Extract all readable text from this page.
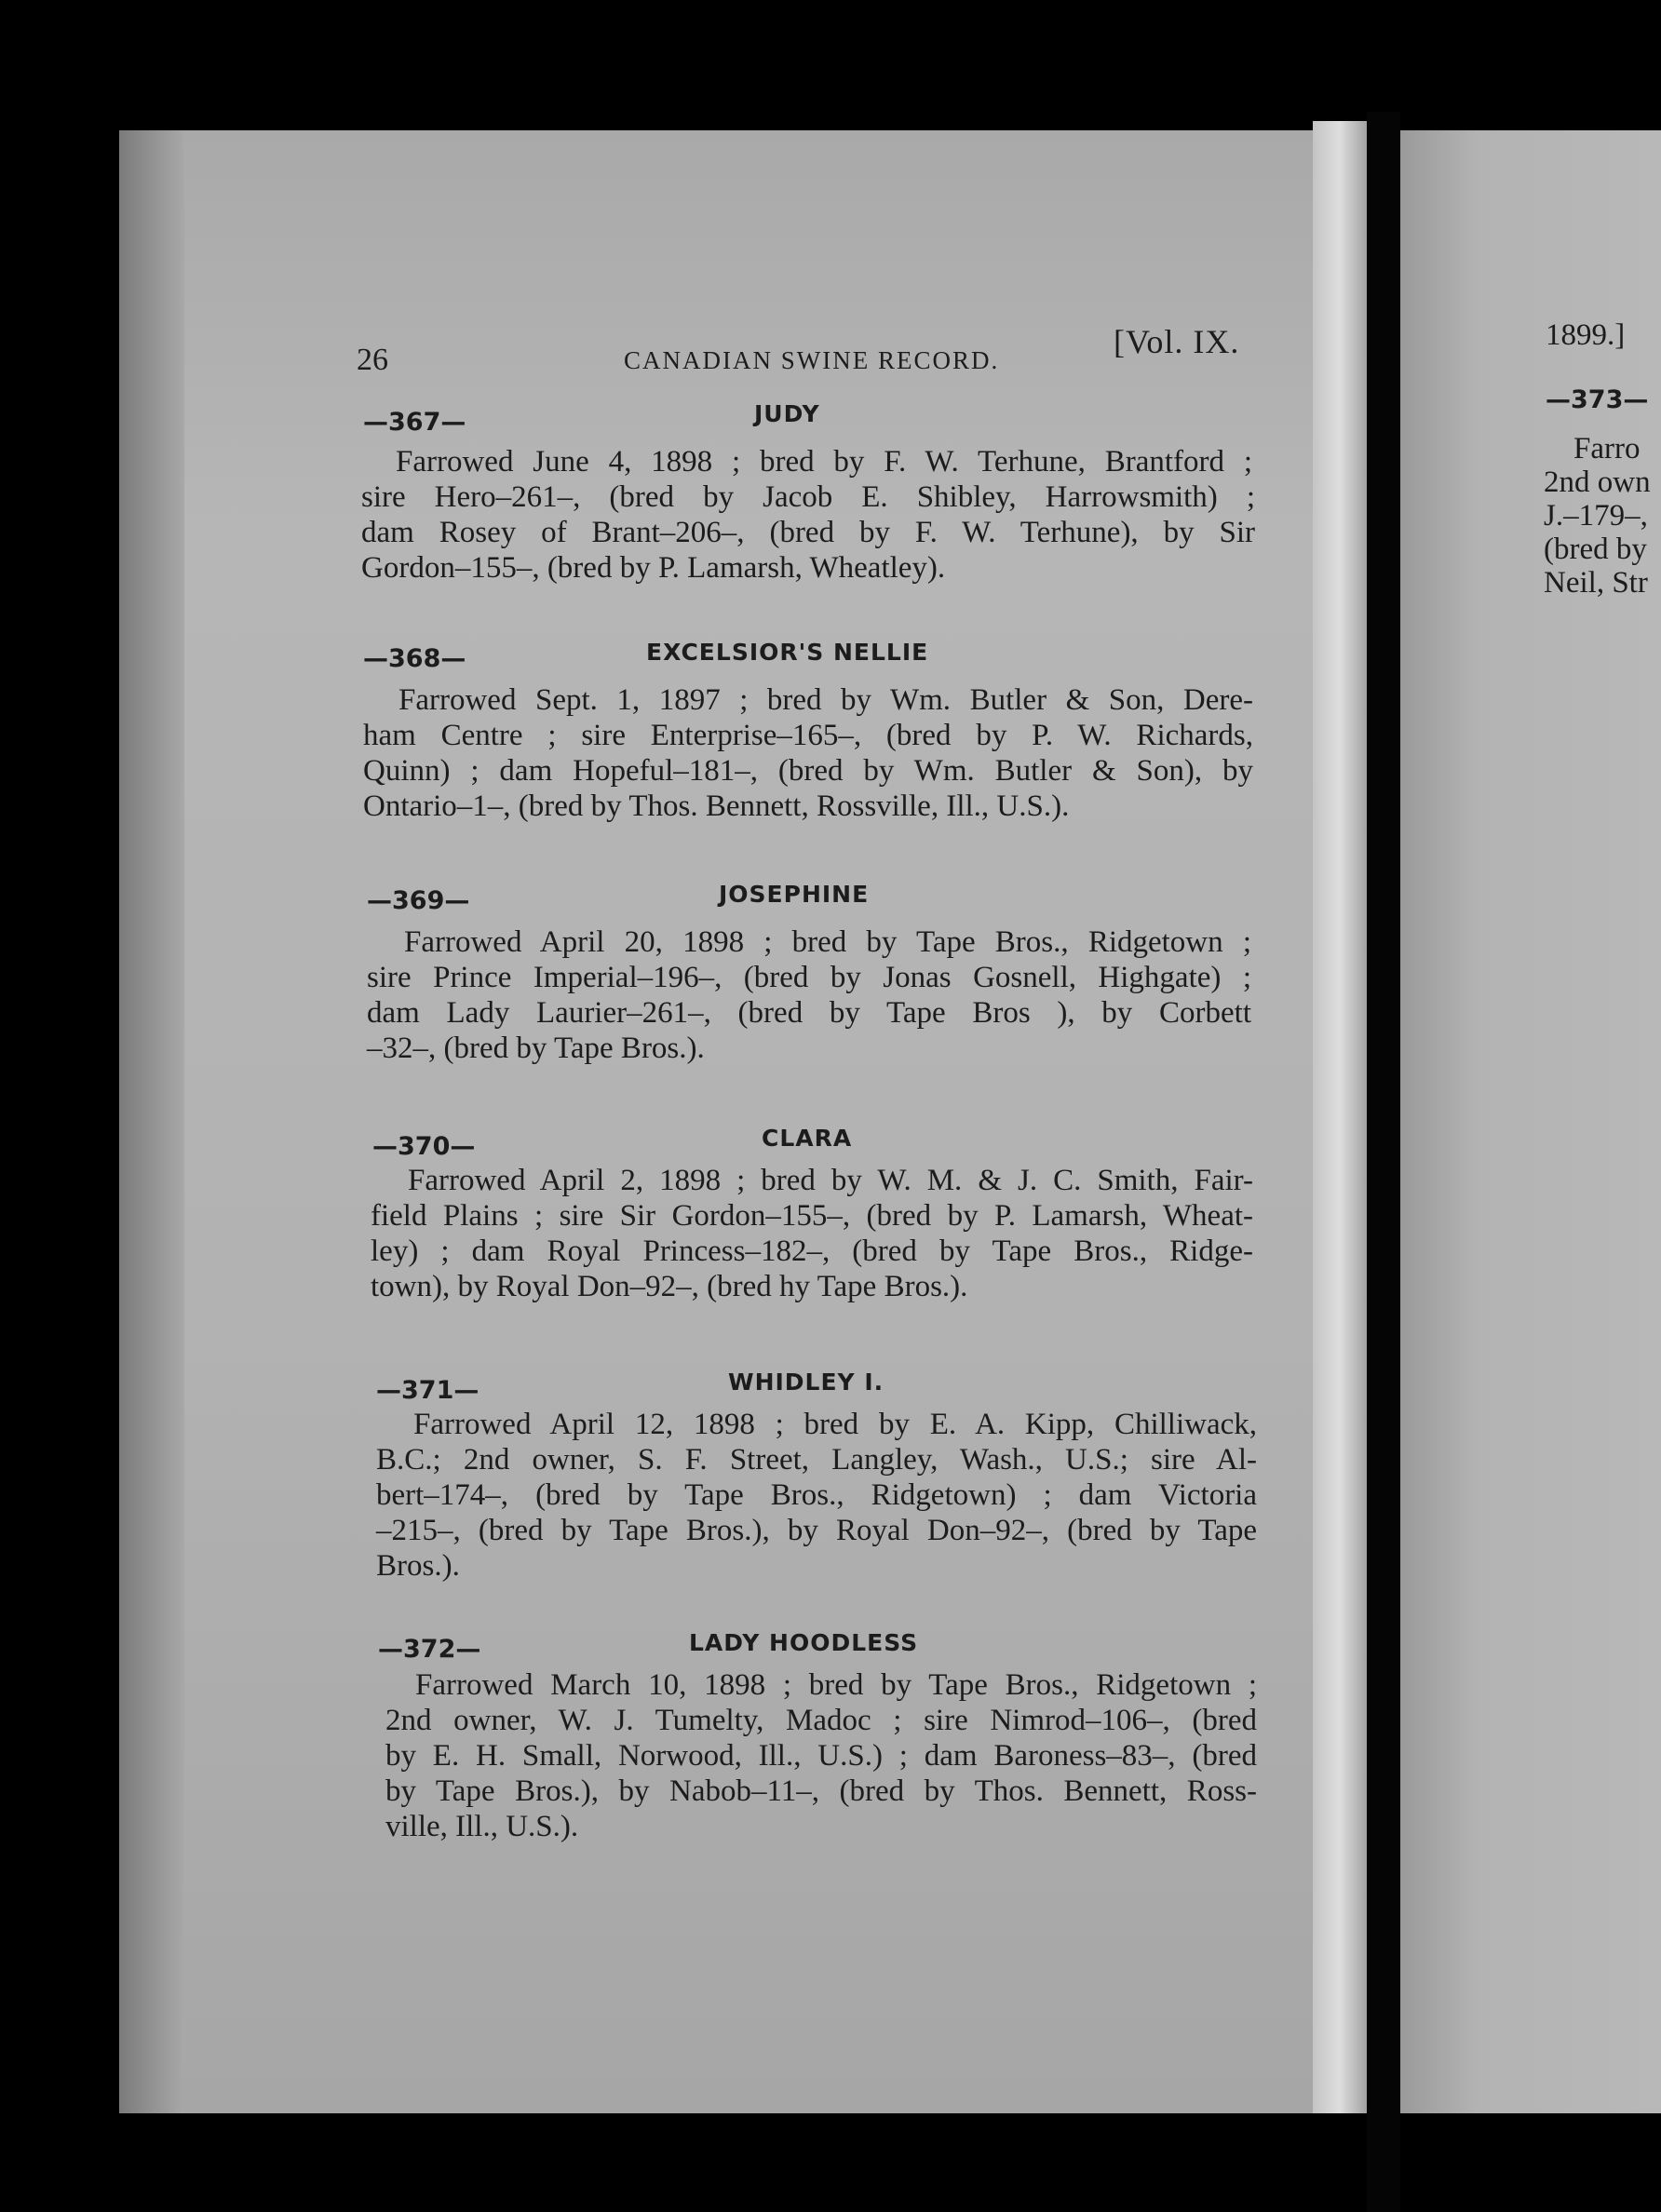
26	CANADIAN SWINE RECORD.	[Vol. IX.
—367—	JUDY
Farrowed June 4, 1898 ; bred by F. W. Terhune, Brantford ;
sire Hero–261–, (bred by Jacob E. Shibley, Harrowsmith) ;
dam Rosey of Brant–206–, (bred by F. W. Terhune), by Sir
Gordon–155–, (bred by P. Lamarsh, Wheatley).
—368—	EXCELSIOR'S NELLIE
Farrowed Sept. 1, 1897 ; bred by Wm. Butler & Son, Dere-
ham Centre ; sire Enterprise–165–, (bred by P. W. Richards,
Quinn) ; dam Hopeful–181–, (bred by Wm. Butler & Son), by
Ontario–1–, (bred by Thos. Bennett, Rossville, Ill., U.S.).
—369—	JOSEPHINE
Farrowed April 20, 1898 ; bred by Tape Bros., Ridgetown ;
sire Prince Imperial–196–, (bred by Jonas Gosnell, Highgate) ;
dam Lady Laurier–261–, (bred by Tape Bros ), by Corbett
–32–, (bred by Tape Bros.).
—370—	CLARA
Farrowed April 2, 1898 ; bred by W. M. & J. C. Smith, Fair-
field Plains ; sire Sir Gordon–155–, (bred by P. Lamarsh, Wheat-
ley) ; dam Royal Princess–182–, (bred by Tape Bros., Ridge-
town), by Royal Don–92–, (bred hy Tape Bros.).
—371—	WHIDLEY I.
Farrowed April 12, 1898 ; bred by E. A. Kipp, Chilliwack,
B.C.; 2nd owner, S. F. Street, Langley, Wash., U.S.; sire Al-
bert–174–, (bred by Tape Bros., Ridgetown) ; dam Victoria
–215–, (bred by Tape Bros.), by Royal Don–92–, (bred by Tape
Bros.).
—372—	LADY HOODLESS
Farrowed March 10, 1898 ; bred by Tape Bros., Ridgetown ;
2nd owner, W. J. Tumelty, Madoc ; sire Nimrod–106–, (bred
by E. H. Small, Norwood, Ill., U.S.) ; dam Baroness–83–, (bred
by Tape Bros.), by Nabob–11–, (bred by Thos. Bennett, Ross-
ville, Ill., U.S.).
1899.]
—373—
Farro
2nd own
J.–179–,
(bred by
Neil, Str
